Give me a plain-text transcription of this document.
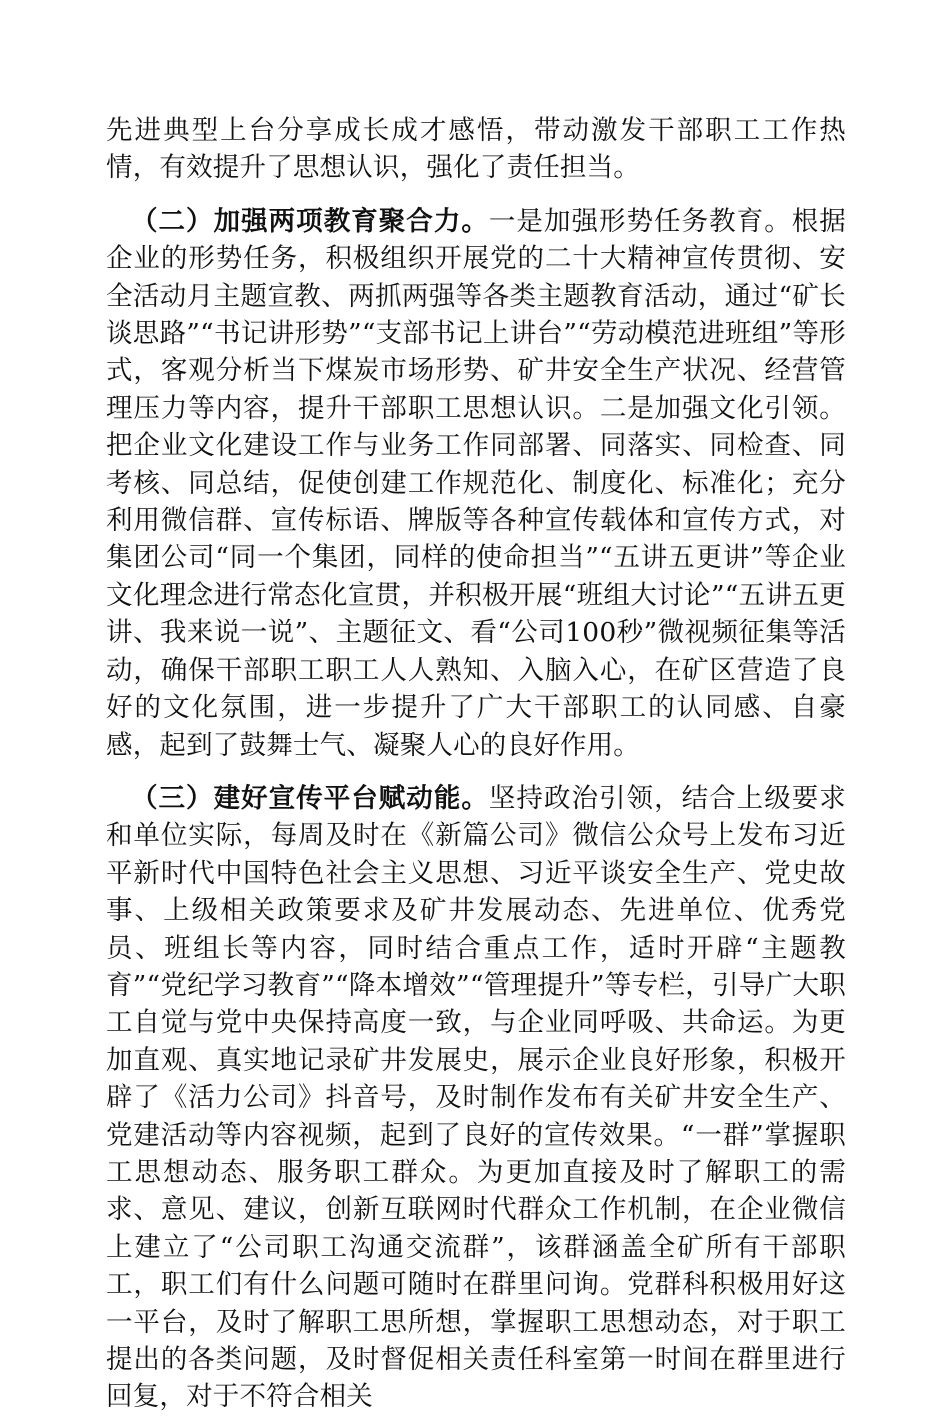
先进典型上台分享成长成才感悟，带动激发干部职工工作热情，有效提升了思想认识，强化了责任担当。

（二）加强两项教育聚合力。一是加强形势任务教育。根据企业的形势任务，积极组织开展党的二十大精神宣传贯彻、安全活动月主题宣教、两抓两强等各类主题教育活动，通过“矿长谈思路”“书记讲形势”“支部书记上讲台”“劳动模范进班组”等形式，客观分析当下煤炭市场形势、矿井安全生产状况、经营管理压力等内容，提升干部职工思想认识。二是加强文化引领。把企业文化建设工作与业务工作同部署、同落实、同检查、同考核、同总结，促使创建工作规范化、制度化、标准化；充分利用微信群、宣传标语、牌版等各种宣传载体和宣传方式，对集团公司“同一个集团，同样的使命担当”“五讲五更讲”等企业文化理念进行常态化宣贯，并积极开展“班组大讨论”“五讲五更讲、我来说一说”、主题征文、看“公司100秒”微视频征集等活动，确保干部职工职工人人熟知、入脑入心，在矿区营造了良好的文化氛围，进一步提升了广大干部职工的认同感、自豪感，起到了鼓舞士气、凝聚人心的良好作用。

（三）建好宣传平台赋动能。坚持政治引领，结合上级要求和单位实际，每周及时在《新篇公司》微信公众号上发布习近平新时代中国特色社会主义思想、习近平谈安全生产、党史故事、上级相关政策要求及矿井发展动态、先进单位、优秀党员、班组长等内容，同时结合重点工作，适时开辟“主题教育”“党纪学习教育”“降本增效”“管理提升”等专栏，引导广大职工自觉与党中央保持高度一致，与企业同呼吸、共命运。为更加直观、真实地记录矿井发展史，展示企业良好形象，积极开辟了《活力公司》抖音号，及时制作发布有关矿井安全生产、党建活动等内容视频，起到了良好的宣传效果。“一群”掌握职工思想动态、服务职工群众。为更加直接及时了解职工的需求、意见、建议，创新互联网时代群众工作机制，在企业微信上建立了“公司职工沟通交流群”，该群涵盖全矿所有干部职工，职工们有什么问题可随时在群里问询。党群科积极用好这一平台，及时了解职工思所想，掌握职工思想动态，对于职工提出的各类问题，及时督促相关责任科室第一时间在群里进行回复，对于不符合相关
